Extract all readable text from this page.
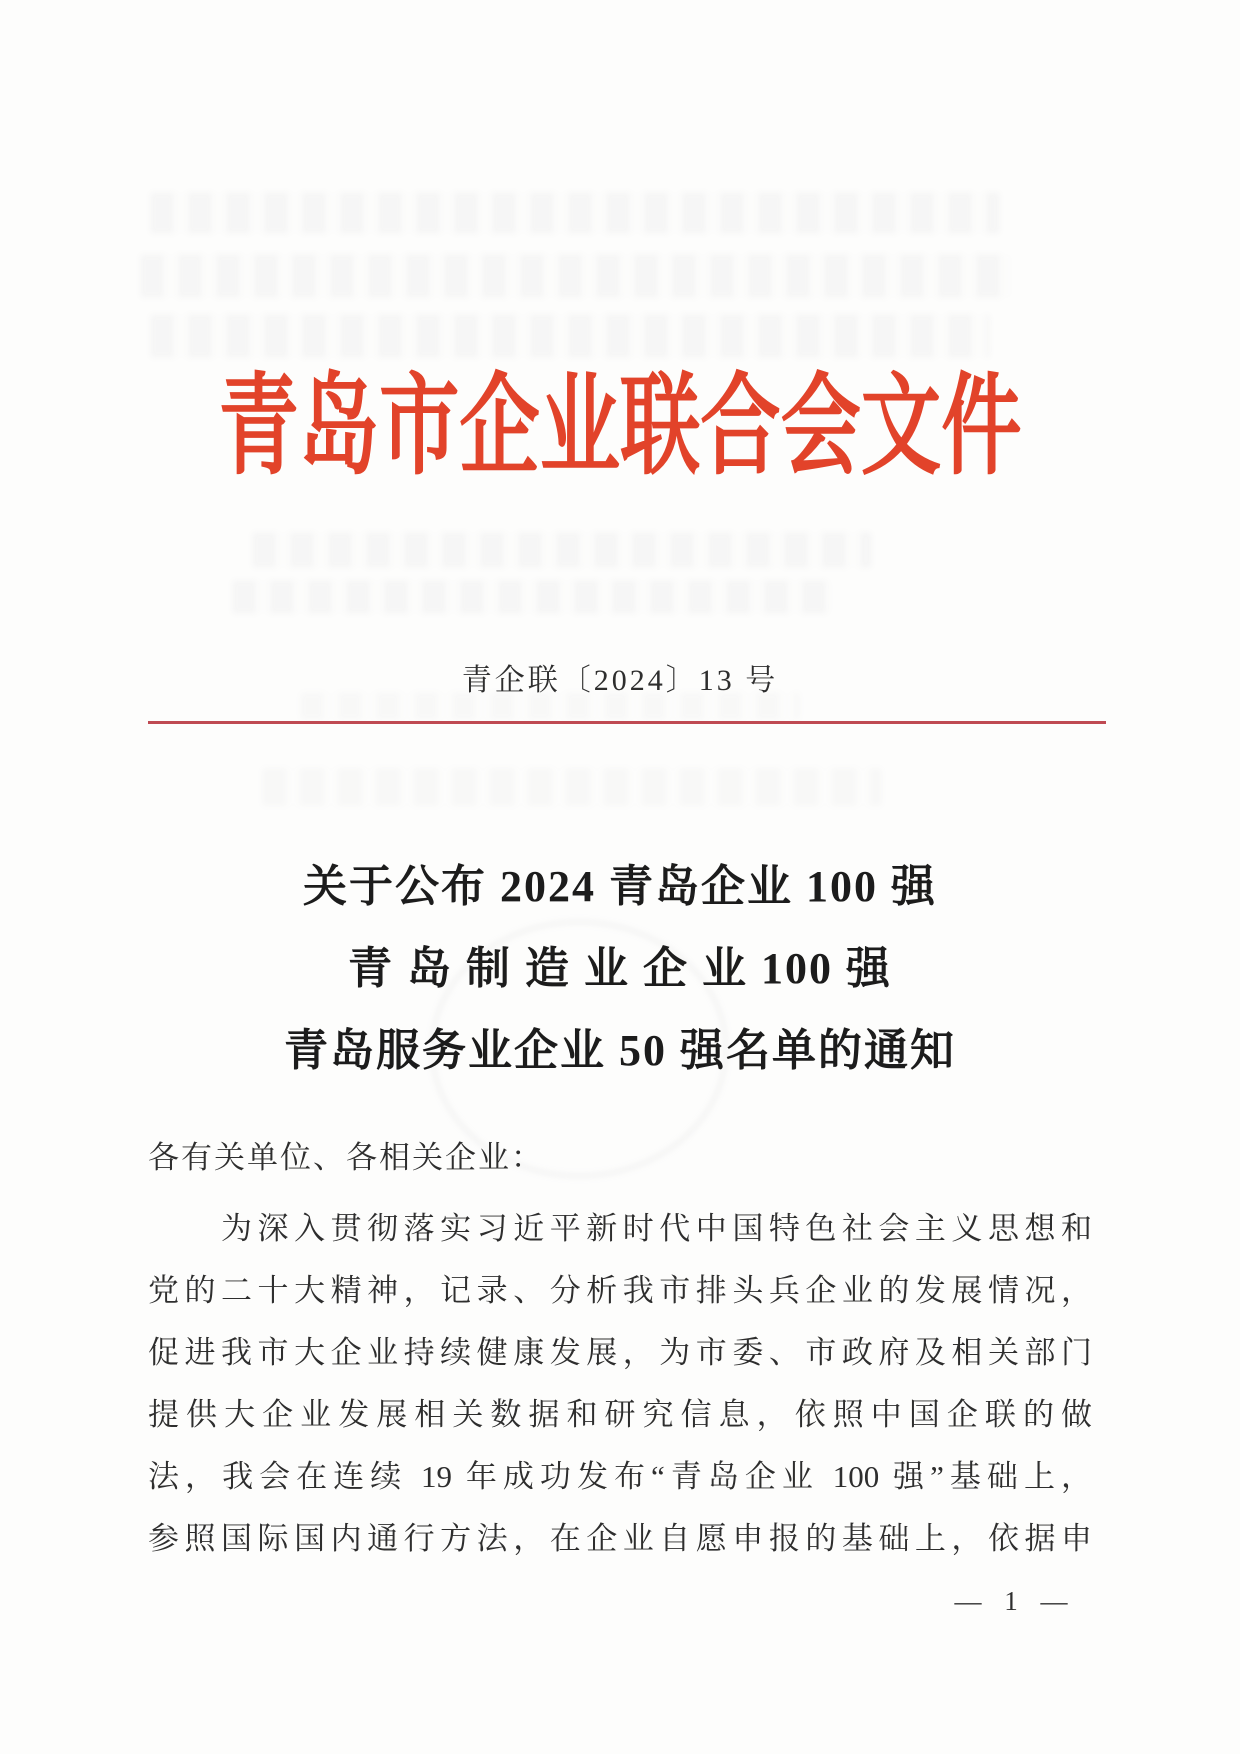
青岛市企业联合会文件
青企联〔2024〕13 号
关于公布 2024 青岛企业 100 强
青 岛 制 造 业 企 业 100 强
青岛服务业企业 50 强名单的通知
各有关单位、各相关企业：
　　为深入贯彻落实习近平新时代中国特色社会主义思想和
党的二十大精神，记录、分析我市排头兵企业的发展情况，
促进我市大企业持续健康发展，为市委、市政府及相关部门
提供大企业发展相关数据和研究信息，依照中国企联的做
法，我会在连续 19 年成功发布“青岛企业 100 强”基础上，
参照国际国内通行方法，在企业自愿申报的基础上，依据申
— 1 —
